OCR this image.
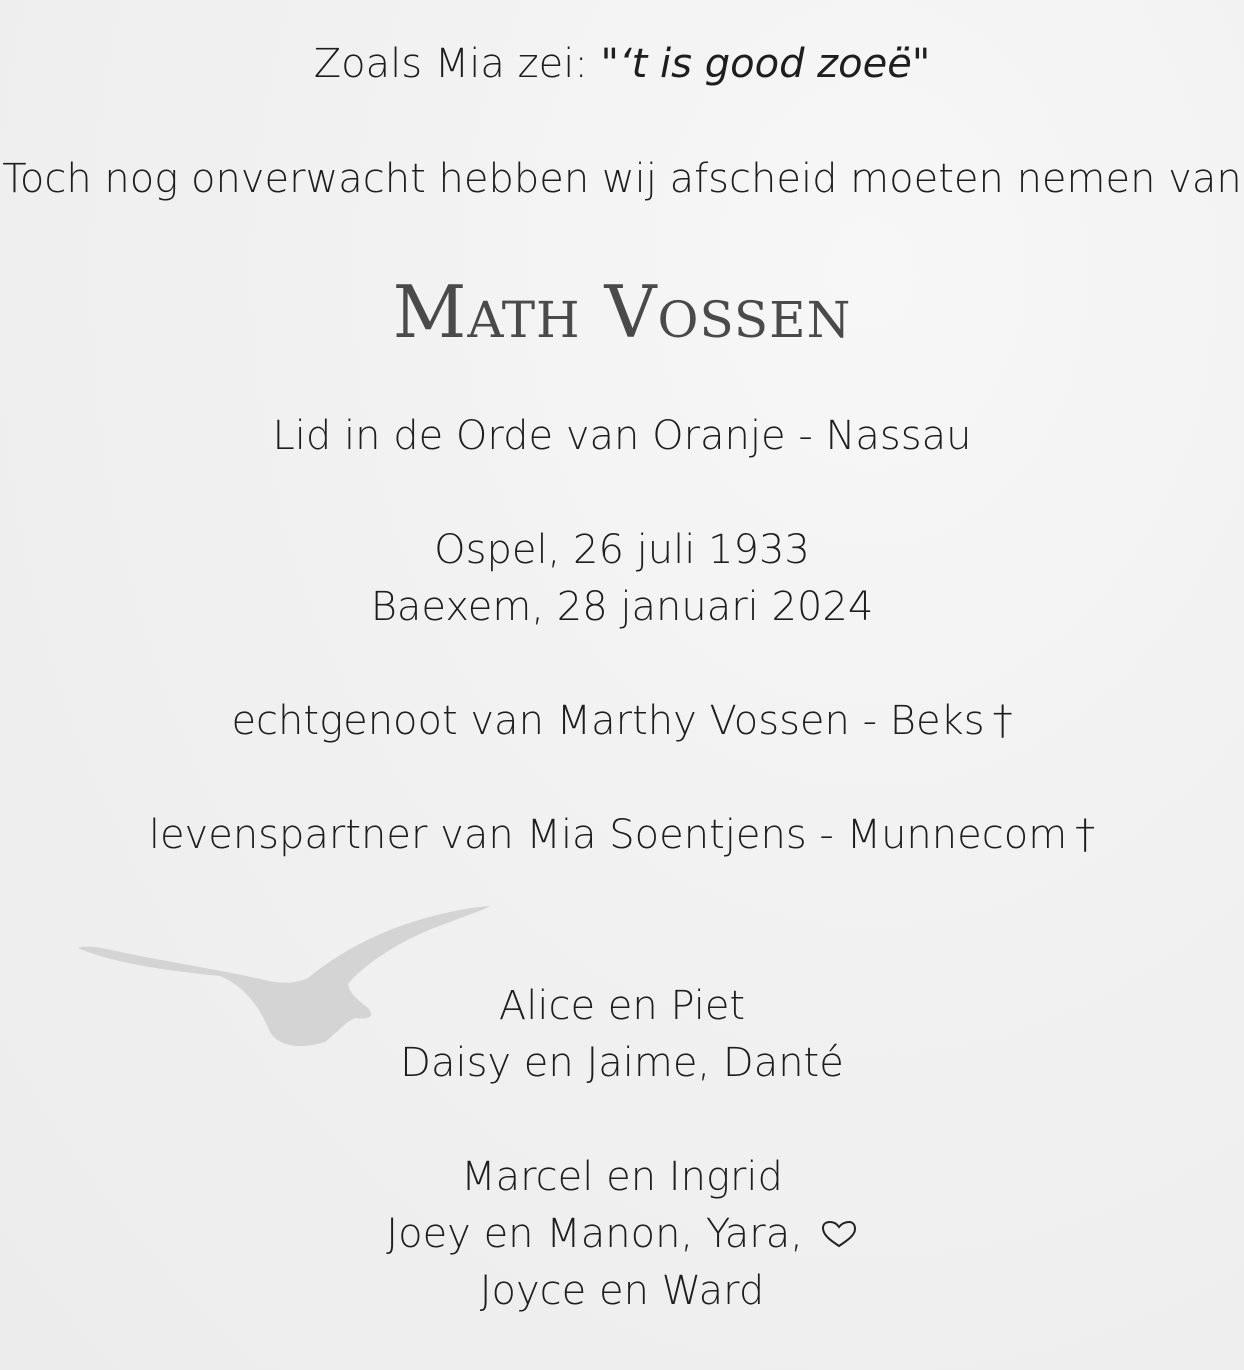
Zoals Mia zei: "‘t is good zoeë"
Toch nog onverwacht hebben wij afscheid moeten nemen van
Math Vossen
Lid in de Orde van Oranje - Nassau
Ospel, 26 juli 1933
Baexem, 28 januari 2024
echtgenoot van Marthy Vossen - Beks †
levenspartner van Mia Soentjens - Munnecom †
Alice en Piet
Daisy en Jaime, Danté
Marcel en Ingrid
Joey en Manon, Yara,
Joyce en Ward
